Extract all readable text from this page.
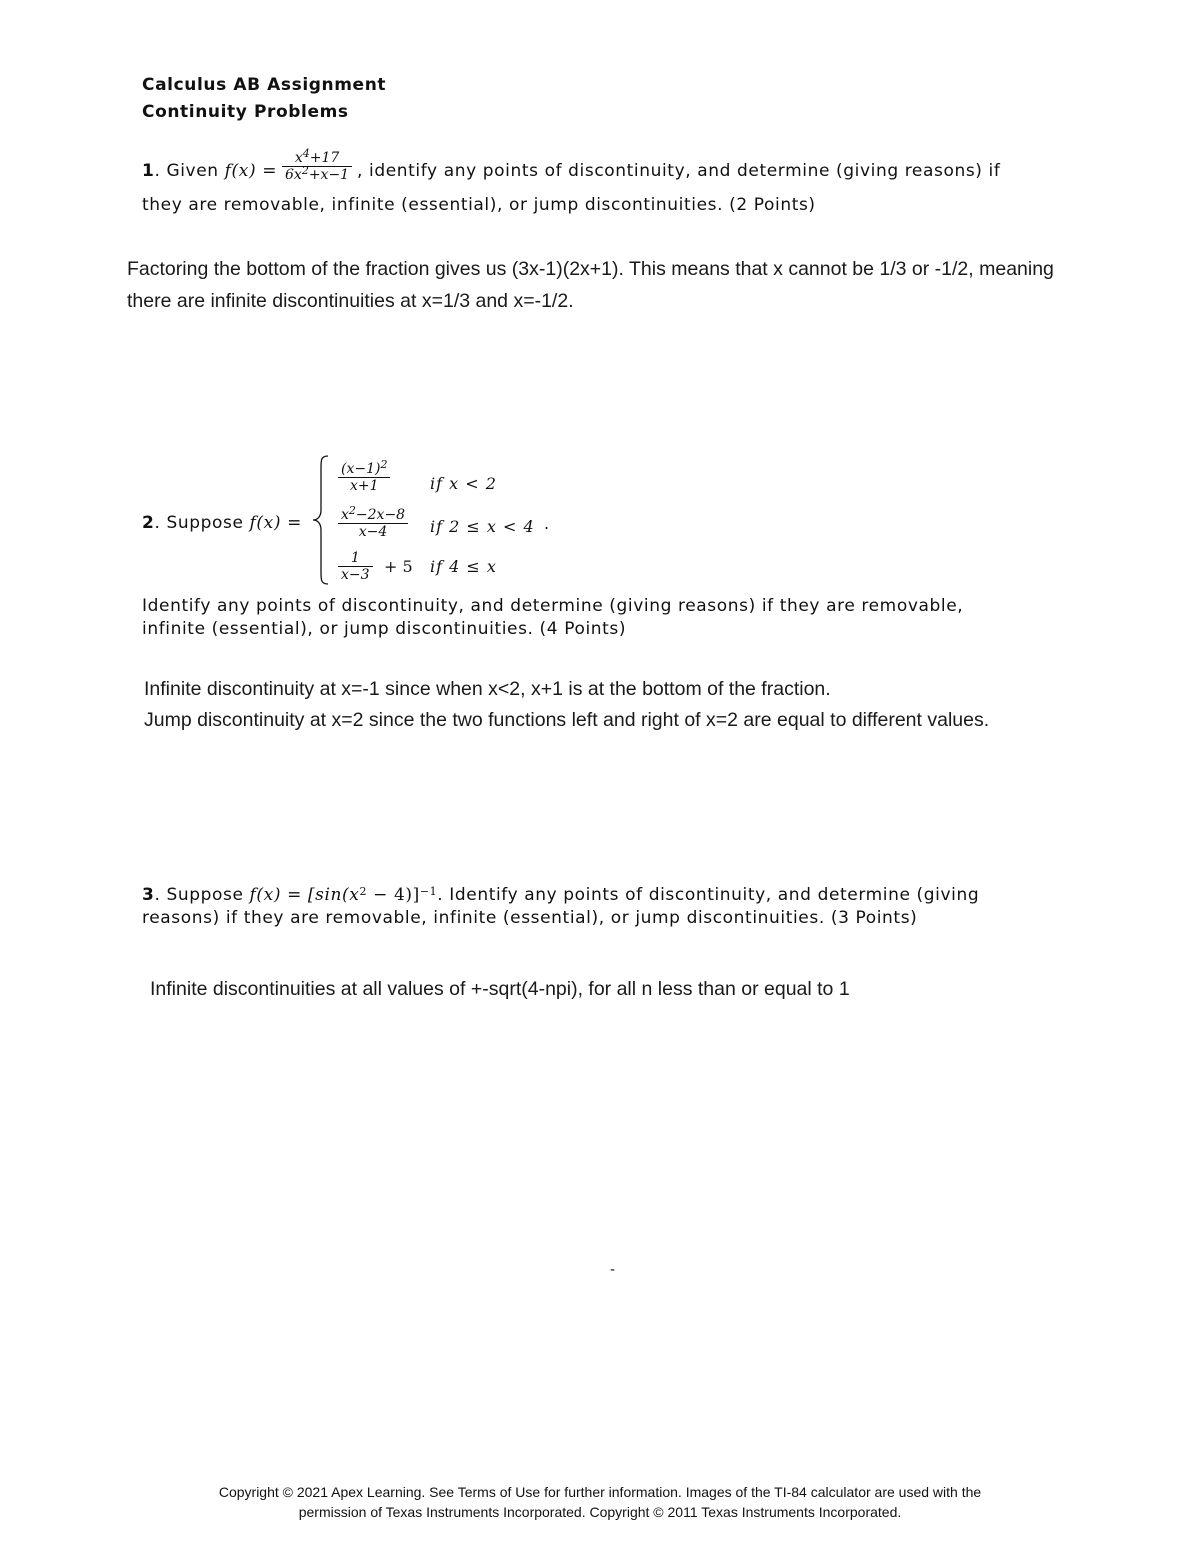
Calculus AB Assignment
Continuity Problems
1. Given f(x) =
$x^4+17$
$6x^2+x-1$ , identify any points of discontinuity, and determine (giving reasons) if
they are removable, infinite (essential), or jump discontinuities. (2 Points)
Factoring the bottom of the fraction gives us (3x-1)(2x+1). This means that x cannot be 1/3 or -1/2, meaning
there are infinite discontinuities at x=1/3 and x=-1/2.
2. Suppose f(x) =
$(x-1)^2$
x+1	if x < 2
$x^2-2x-8$
x−4	if 2 ≤ x < 4 .
1
x−3 + 5 if 4 ≤ x
Identify any points of discontinuity, and determine (giving reasons) if they are removable,
infinite (essential), or jump discontinuities. (4 Points)
Infinite discontinuity at x=-1 since when x<2, x+1 is at the bottom of the fraction.
Jump discontinuity at x=2 since the two functions left and right of x=2 are equal to different values.
3. Suppose $f(x) = [\sin(x^2 - 4)]^{-1}$. Identify any points of discontinuity, and determine (giving
reasons) if they are removable, infinite (essential), or jump discontinuities. (3 Points)
Infinite discontinuities at all values of +-sqrt(4-npi), for all n less than or equal to 1
-
Copyright © 2021 Apex Learning. See Terms of Use for further information. Images of the TI-84 calculator are used with the
permission of Texas Instruments Incorporated. Copyright © 2011 Texas Instruments Incorporated.
